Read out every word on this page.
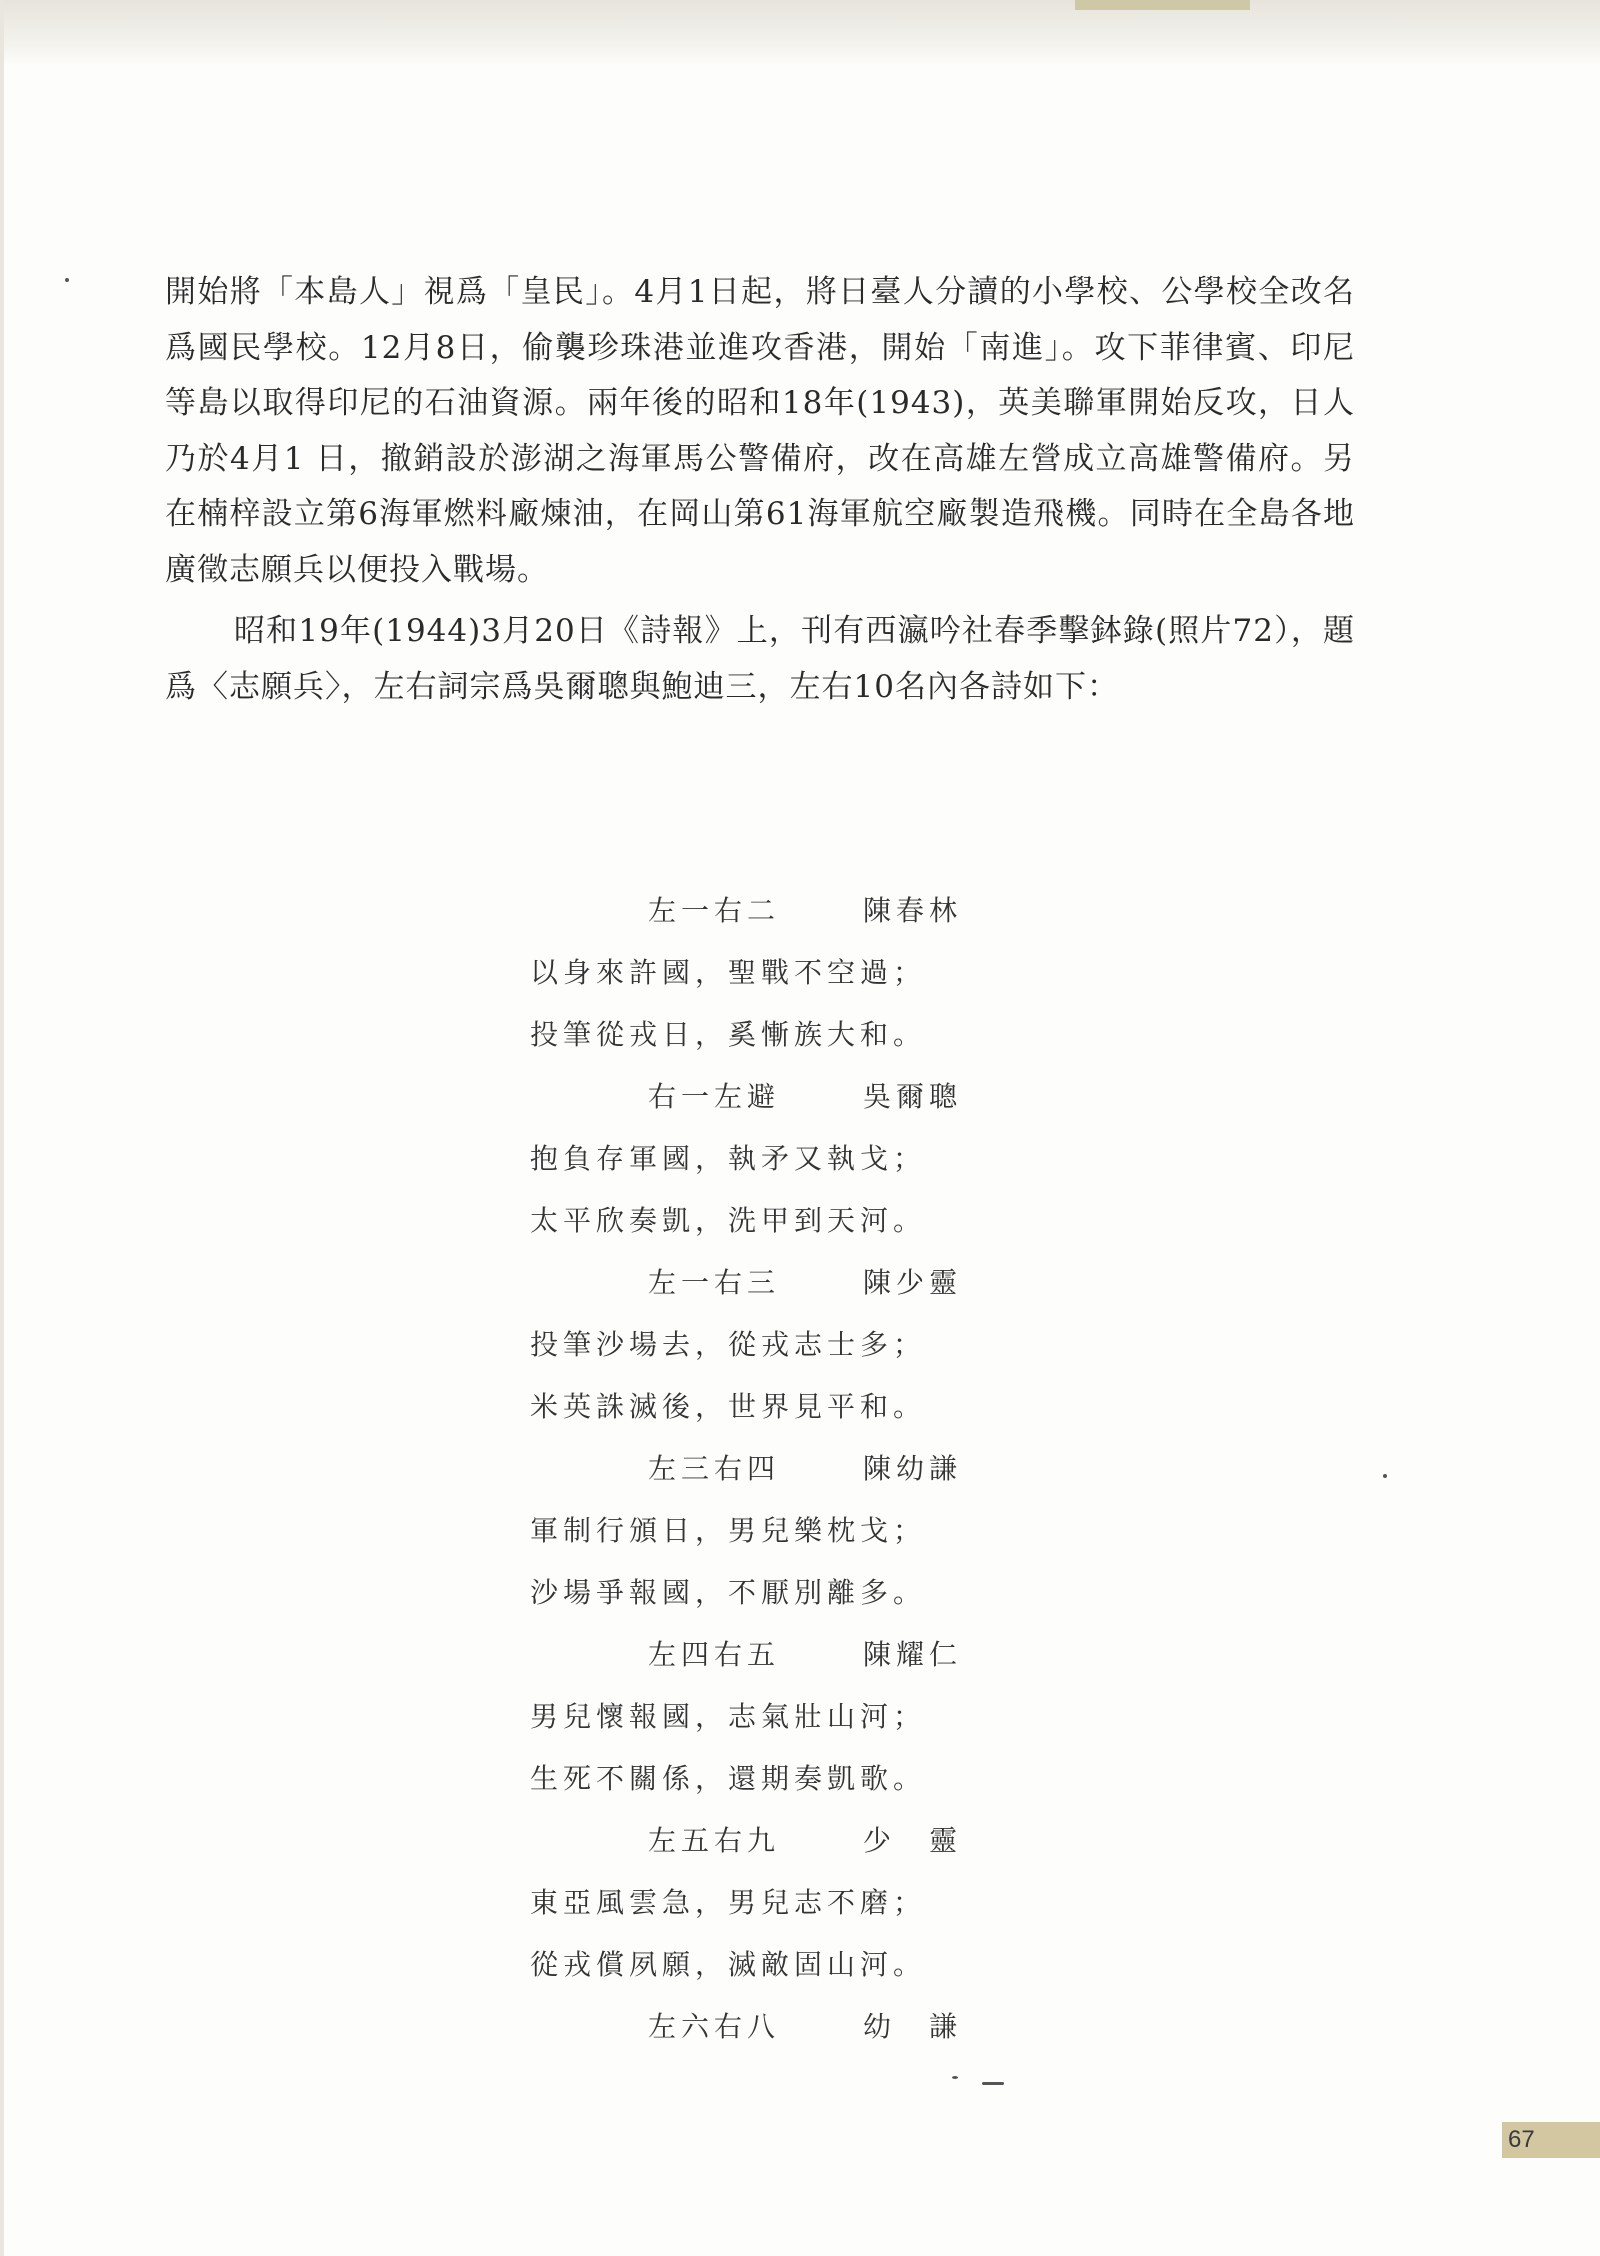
開始將「本島人」視爲「皇民」。4月1日起，將日臺人分讀的小學校、公學校全改名爲國民學校。12月8日，偷襲珍珠港並進攻香港，開始「南進」。攻下菲律賓、印尼等島以取得印尼的石油資源。兩年後的昭和18年(1943)，英美聯軍開始反攻，日人乃於4月1 日，撤銷設於澎湖之海軍馬公警備府，改在高雄左營成立高雄警備府。另在楠梓設立第6海軍燃料廠煉油，在岡山第61海軍航空廠製造飛機。同時在全島各地廣徵志願兵以便投入戰場。

昭和19年(1944)3月20日《詩報》上，刊有西瀛吟社春季擊鉢錄(照片72），題爲〈志願兵〉，左右詞宗爲吳爾聰與鮑迪三，左右10名內各詩如下：

左一右二	陳春林
以身來許國，聖戰不空過；
投筆從戎日，奚慚族大和。
右一左避	吳爾聰
抱負存軍國，執矛又執戈；
太平欣奏凱，洗甲到天河。
左一右三	陳少靈
投筆沙場去，從戎志士多；
米英誅滅後，世界見平和。
左三右四	陳幼謙
軍制行頒日，男兒樂枕戈；
沙場爭報國，不厭別離多。
左四右五	陳耀仁
男兒懷報國，志氣壯山河；
生死不關係，還期奏凱歌。
左五右九	少　靈
東亞風雲急，男兒志不磨；
從戎償夙願，滅敵固山河。
左六右八	幼　謙
67
